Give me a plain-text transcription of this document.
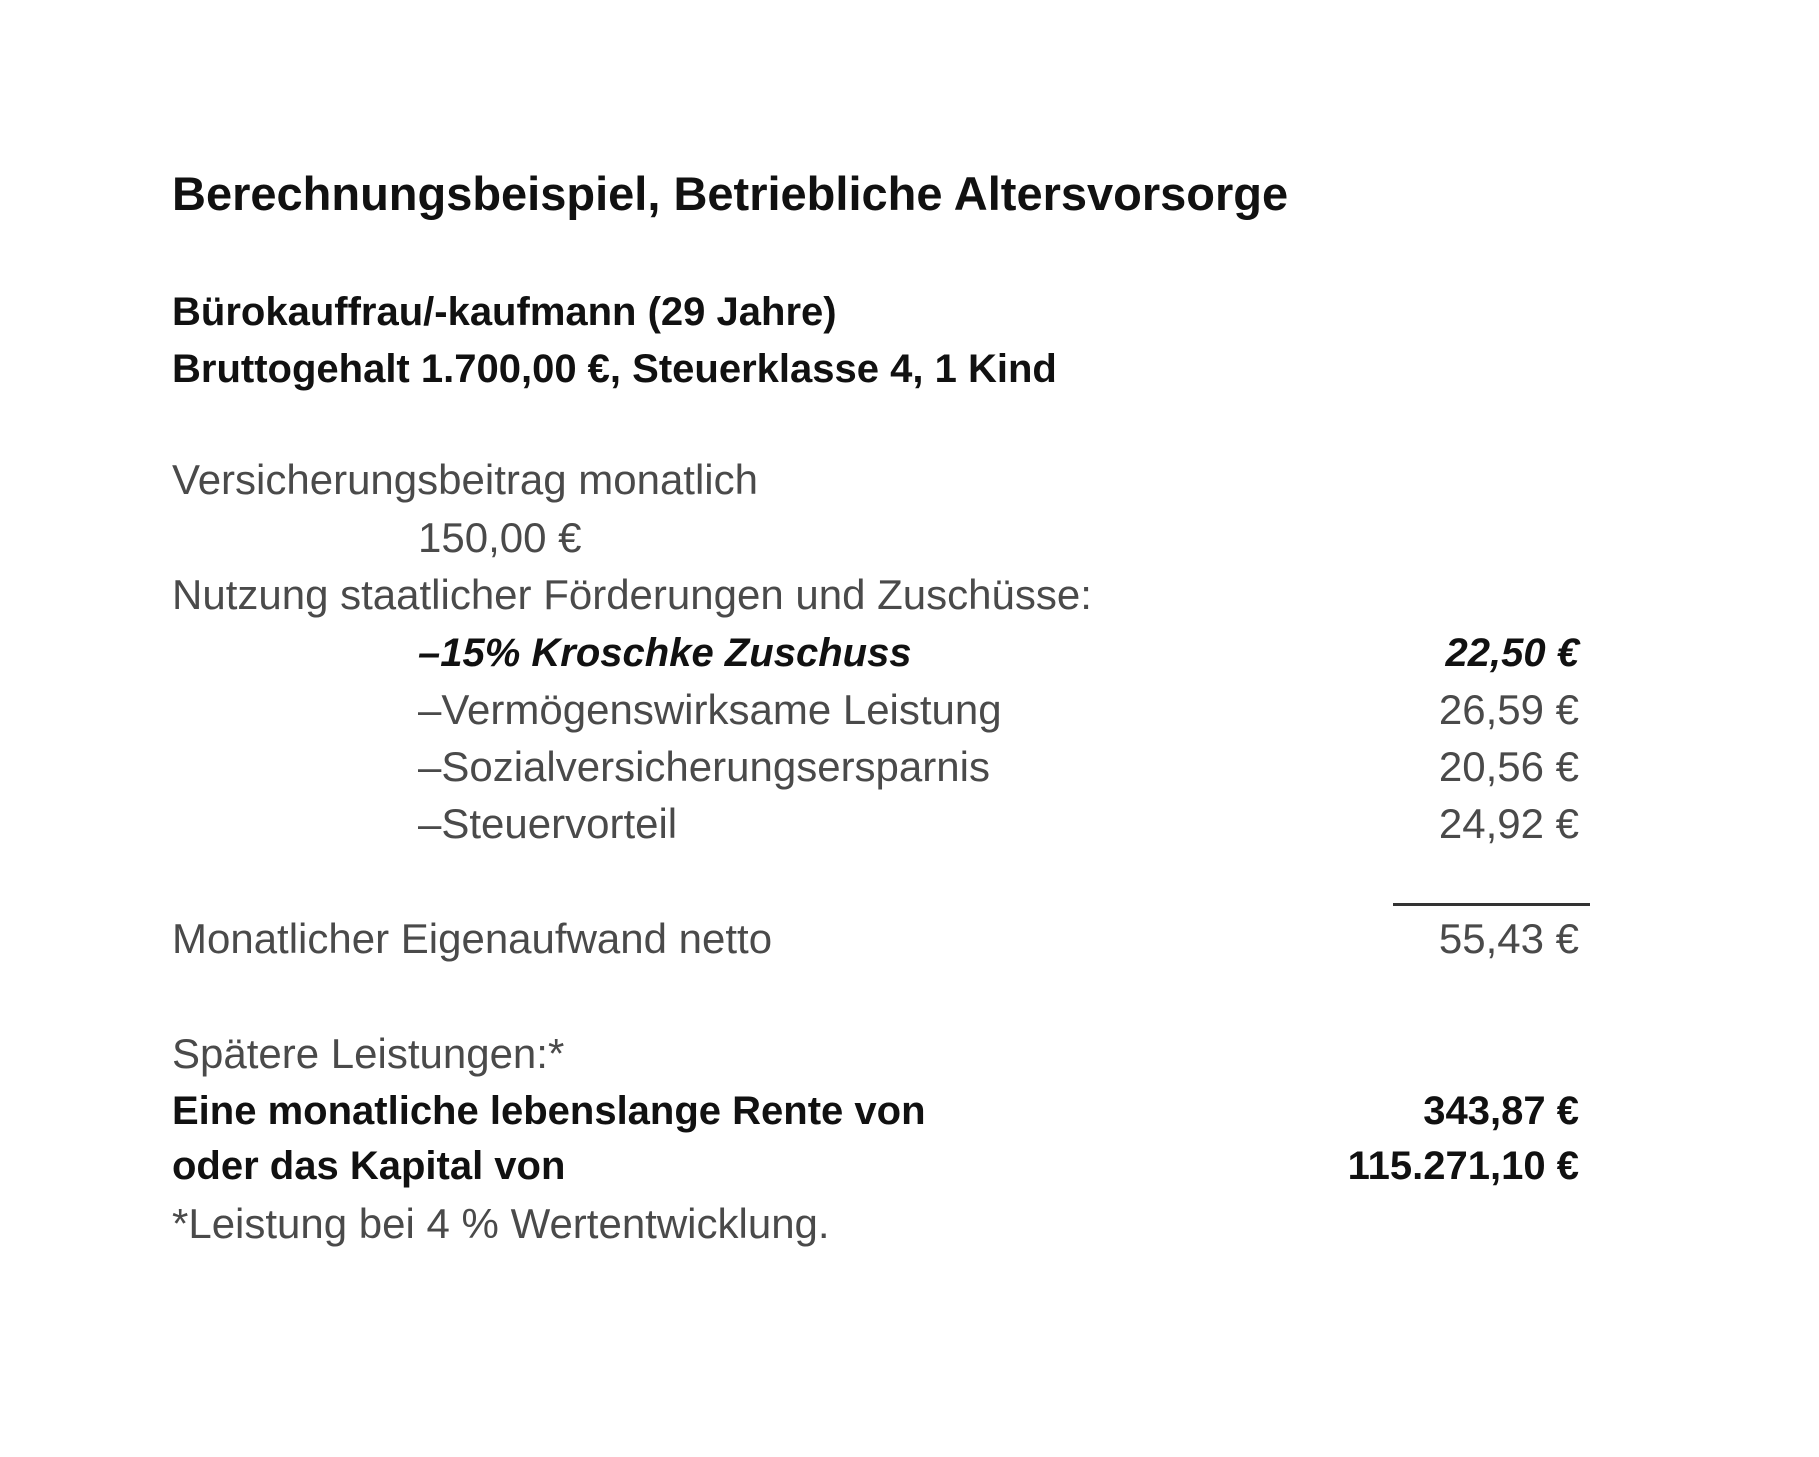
Berechnungsbeispiel, Betriebliche Altersvorsorge
Bürokauffrau/-kaufmann (29 Jahre)
Bruttogehalt 1.700,00 €, Steuerklasse 4, 1 Kind
Versicherungsbeitrag monatlich
150,00 €
Nutzung staatlicher Förderungen und Zuschüsse:
–15% Kroschke Zuschuss	22,50 €
–Vermögenswirksame Leistung	26,59 €
–Sozialversicherungsersparnis	20,56 €
–Steuervorteil	24,92 €
Monatlicher Eigenaufwand netto	55,43 €
Spätere Leistungen:*
Eine monatliche lebenslange Rente von	343,87 €
oder das Kapital von	115.271,10 €
*Leistung bei 4 % Wertentwicklung.
